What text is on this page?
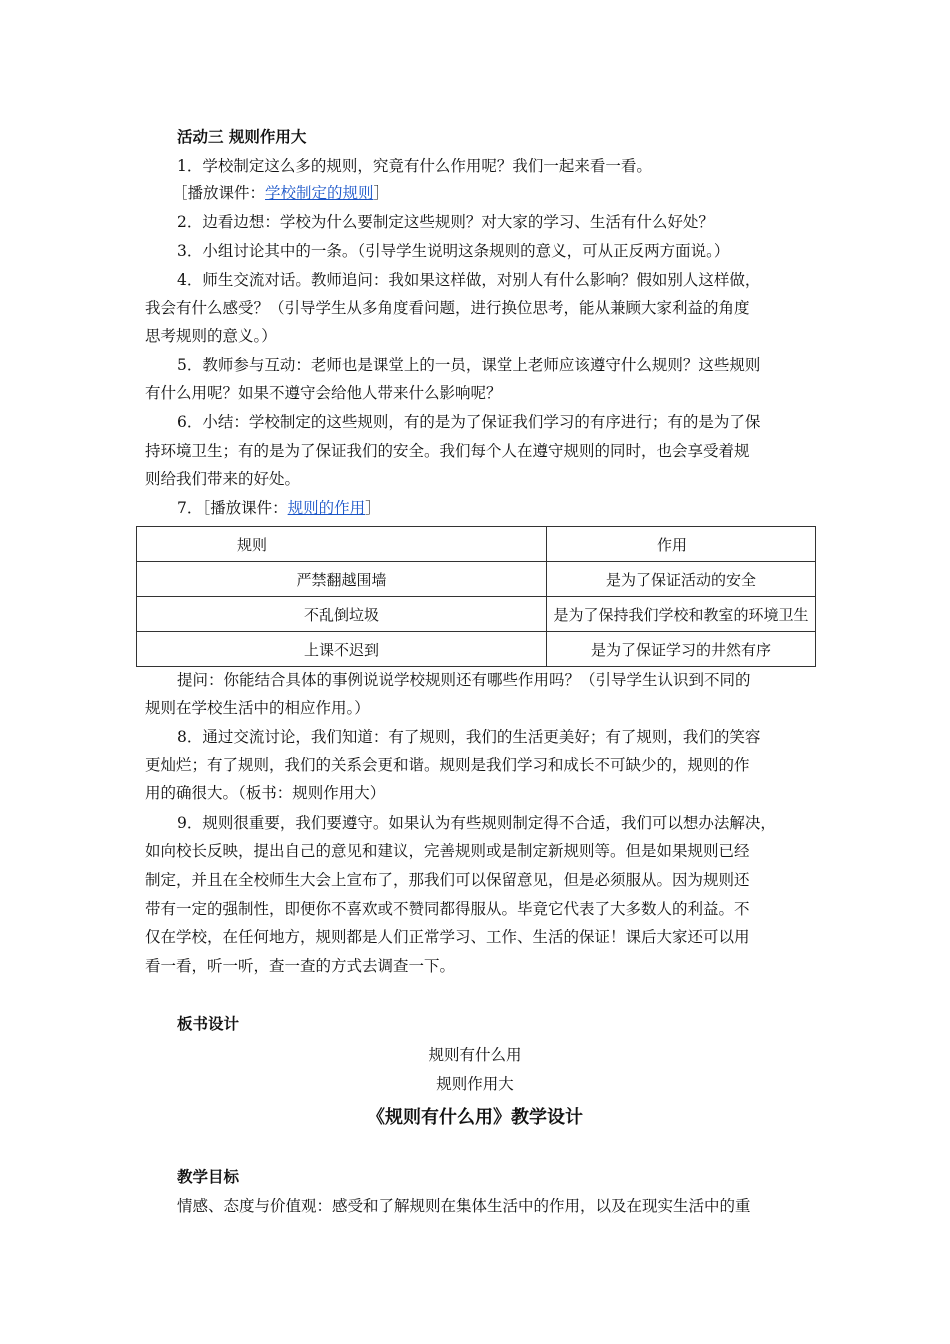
活动三 规则作用大
1．学校制定这么多的规则，究竟有什么作用呢？我们一起来看一看。
［播放课件：学校制定的规则］
2．边看边想：学校为什么要制定这些规则？对大家的学习、生活有什么好处？
3．小组讨论其中的一条。（引导学生说明这条规则的意义，可从正反两方面说。）
4．师生交流对话。教师追问：我如果这样做，对别人有什么影响？假如别人这样做，
我会有什么感受？（引导学生从多角度看问题，进行换位思考，能从兼顾大家利益的角度
思考规则的意义。）
5．教师参与互动：老师也是课堂上的一员，课堂上老师应该遵守什么规则？这些规则
有什么用呢？如果不遵守会给他人带来什么影响呢？
6．小结：学校制定的这些规则，有的是为了保证我们学习的有序进行；有的是为了保
持环境卫生；有的是为了保证我们的安全。我们每个人在遵守规则的同时，也会享受着规
则给我们带来的好处。
7．［播放课件：规则的作用］
规则	作用
严禁翻越围墙	是为了保证活动的安全
不乱倒垃圾	是为了保持我们学校和教室的环境卫生
上课不迟到	是为了保证学习的井然有序
提问：你能结合具体的事例说说学校规则还有哪些作用吗？（引导学生认识到不同的
规则在学校生活中的相应作用。）
8．通过交流讨论，我们知道：有了规则，我们的生活更美好；有了规则，我们的笑容
更灿烂；有了规则，我们的关系会更和谐。规则是我们学习和成长不可缺少的，规则的作
用的确很大。（板书：规则作用大）
9．规则很重要，我们要遵守。如果认为有些规则制定得不合适，我们可以想办法解决，
如向校长反映，提出自己的意见和建议，完善规则或是制定新规则等。但是如果规则已经
制定，并且在全校师生大会上宣布了，那我们可以保留意见，但是必须服从。因为规则还
带有一定的强制性，即便你不喜欢或不赞同都得服从。毕竟它代表了大多数人的利益。不
仅在学校，在任何地方，规则都是人们正常学习、工作、生活的保证！课后大家还可以用
看一看，听一听，查一查的方式去调查一下。
板书设计
规则有什么用
规则作用大
《规则有什么用》教学设计
教学目标
情感、态度与价值观：感受和了解规则在集体生活中的作用，以及在现实生活中的重
